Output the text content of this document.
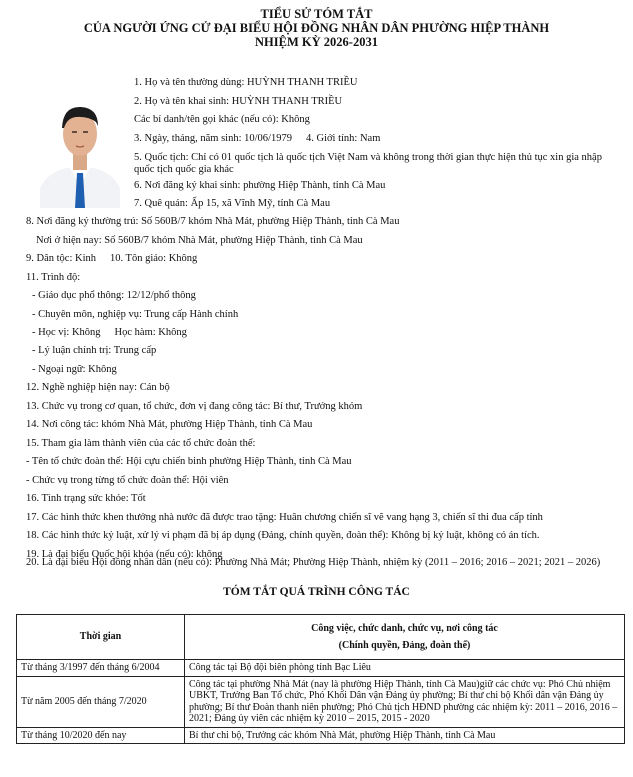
TIỂU SỬ TÓM TẮT
CỦA NGƯỜI ỨNG CỬ ĐẠI BIỂU HỘI ĐỒNG NHÂN DÂN PHƯỜNG HIỆP THÀNH
NHIỆM KỲ 2026-2031
1. Họ và tên thường dùng: HUỲNH THANH TRIỀU
2. Họ và tên khai sinh: HUỲNH THANH TRIỀU
Các bí danh/tên gọi khác (nếu có): Không
3. Ngày, tháng, năm sinh: 10/06/1979 4. Giới tính: Nam
5. Quốc tịch: Chỉ có 01 quốc tịch là quốc tịch Việt Nam và không trong thời gian thực hiện thủ tục xin gia nhập quốc tịch quốc gia khác
6. Nơi đăng ký khai sinh: phường Hiệp Thành, tỉnh Cà Mau
7. Quê quán: Ấp 15, xã Vĩnh Mỹ, tỉnh Cà Mau
8. Nơi đăng ký thường trú: Số 560B/7 khóm Nhà Mát, phường Hiệp Thành, tỉnh Cà Mau
Nơi ở hiện nay: Số 560B/7 khóm Nhà Mát, phường Hiệp Thành, tỉnh Cà Mau
9. Dân tộc: Kinh 10. Tôn giáo: Không
11. Trình độ:
- Giáo dục phổ thông: 12/12/phổ thông
- Chuyên môn, nghiệp vụ: Trung cấp Hành chính
- Học vị: Không Học hàm: Không
- Lý luận chính trị: Trung cấp
- Ngoại ngữ: Không
12. Nghề nghiệp hiện nay: Cán bộ
13. Chức vụ trong cơ quan, tổ chức, đơn vị đang công tác: Bí thư, Trưởng khóm
14. Nơi công tác: khóm Nhà Mát, phường Hiệp Thành, tỉnh Cà Mau
15. Tham gia làm thành viên của các tổ chức đoàn thể:
- Tên tổ chức đoàn thể: Hội cựu chiến binh phường Hiệp Thành, tỉnh Cà Mau
- Chức vụ trong từng tổ chức đoàn thể: Hội viên
16. Tình trạng sức khỏe: Tốt
17. Các hình thức khen thưởng nhà nước đã được trao tặng: Huân chương chiến sĩ vẽ vang hạng 3, chiến sĩ thi đua cấp tỉnh
18. Các hình thức kỷ luật, xử lý vi phạm đã bị áp dụng (Đảng, chính quyền, đoàn thể): Không bị kỷ luật, không có án tích.
19. Là đại biểu Quốc hội khóa (nếu có): không
20. Là đại biểu Hội đồng nhân dân (nếu có): Phường Nhà Mát; Phường Hiệp Thành, nhiệm kỳ (2011 – 2016; 2016 – 2021; 2021 – 2026)
TÓM TẮT QUÁ TRÌNH CÔNG TÁC
Thời gian	Công việc, chức danh, chức vụ, nơi công tác
(Chính quyền, Đảng, đoàn thể)

Từ tháng 3/1997 đến tháng 6/2004	Công tác tại Bộ đội biên phòng tỉnh Bạc Liêu
Từ năm 2005 đến tháng 7/2020	Công tác tại phường Nhà Mát (nay là phường Hiệp Thành, tỉnh Cà Mau)giữ các chức vụ: Phó Chủ nhiệm UBKT, Trưởng Ban Tổ chức, Phó Khối Dân vận Đảng ủy phường; Bí thư chi bộ Khối dân vận Đảng ủy phường; Bí thư Đoàn thanh niên phường; Phó Chủ tịch HĐND phường các nhiệm kỳ: 2011 – 2016, 2016 – 2021; Đảng ủy viên các nhiệm kỳ 2010 – 2015, 2015 - 2020
Từ tháng 10/2020 đến nay	Bí thư chi bộ, Trưởng các khóm Nhà Mát, phường Hiệp Thành, tỉnh Cà Mau
